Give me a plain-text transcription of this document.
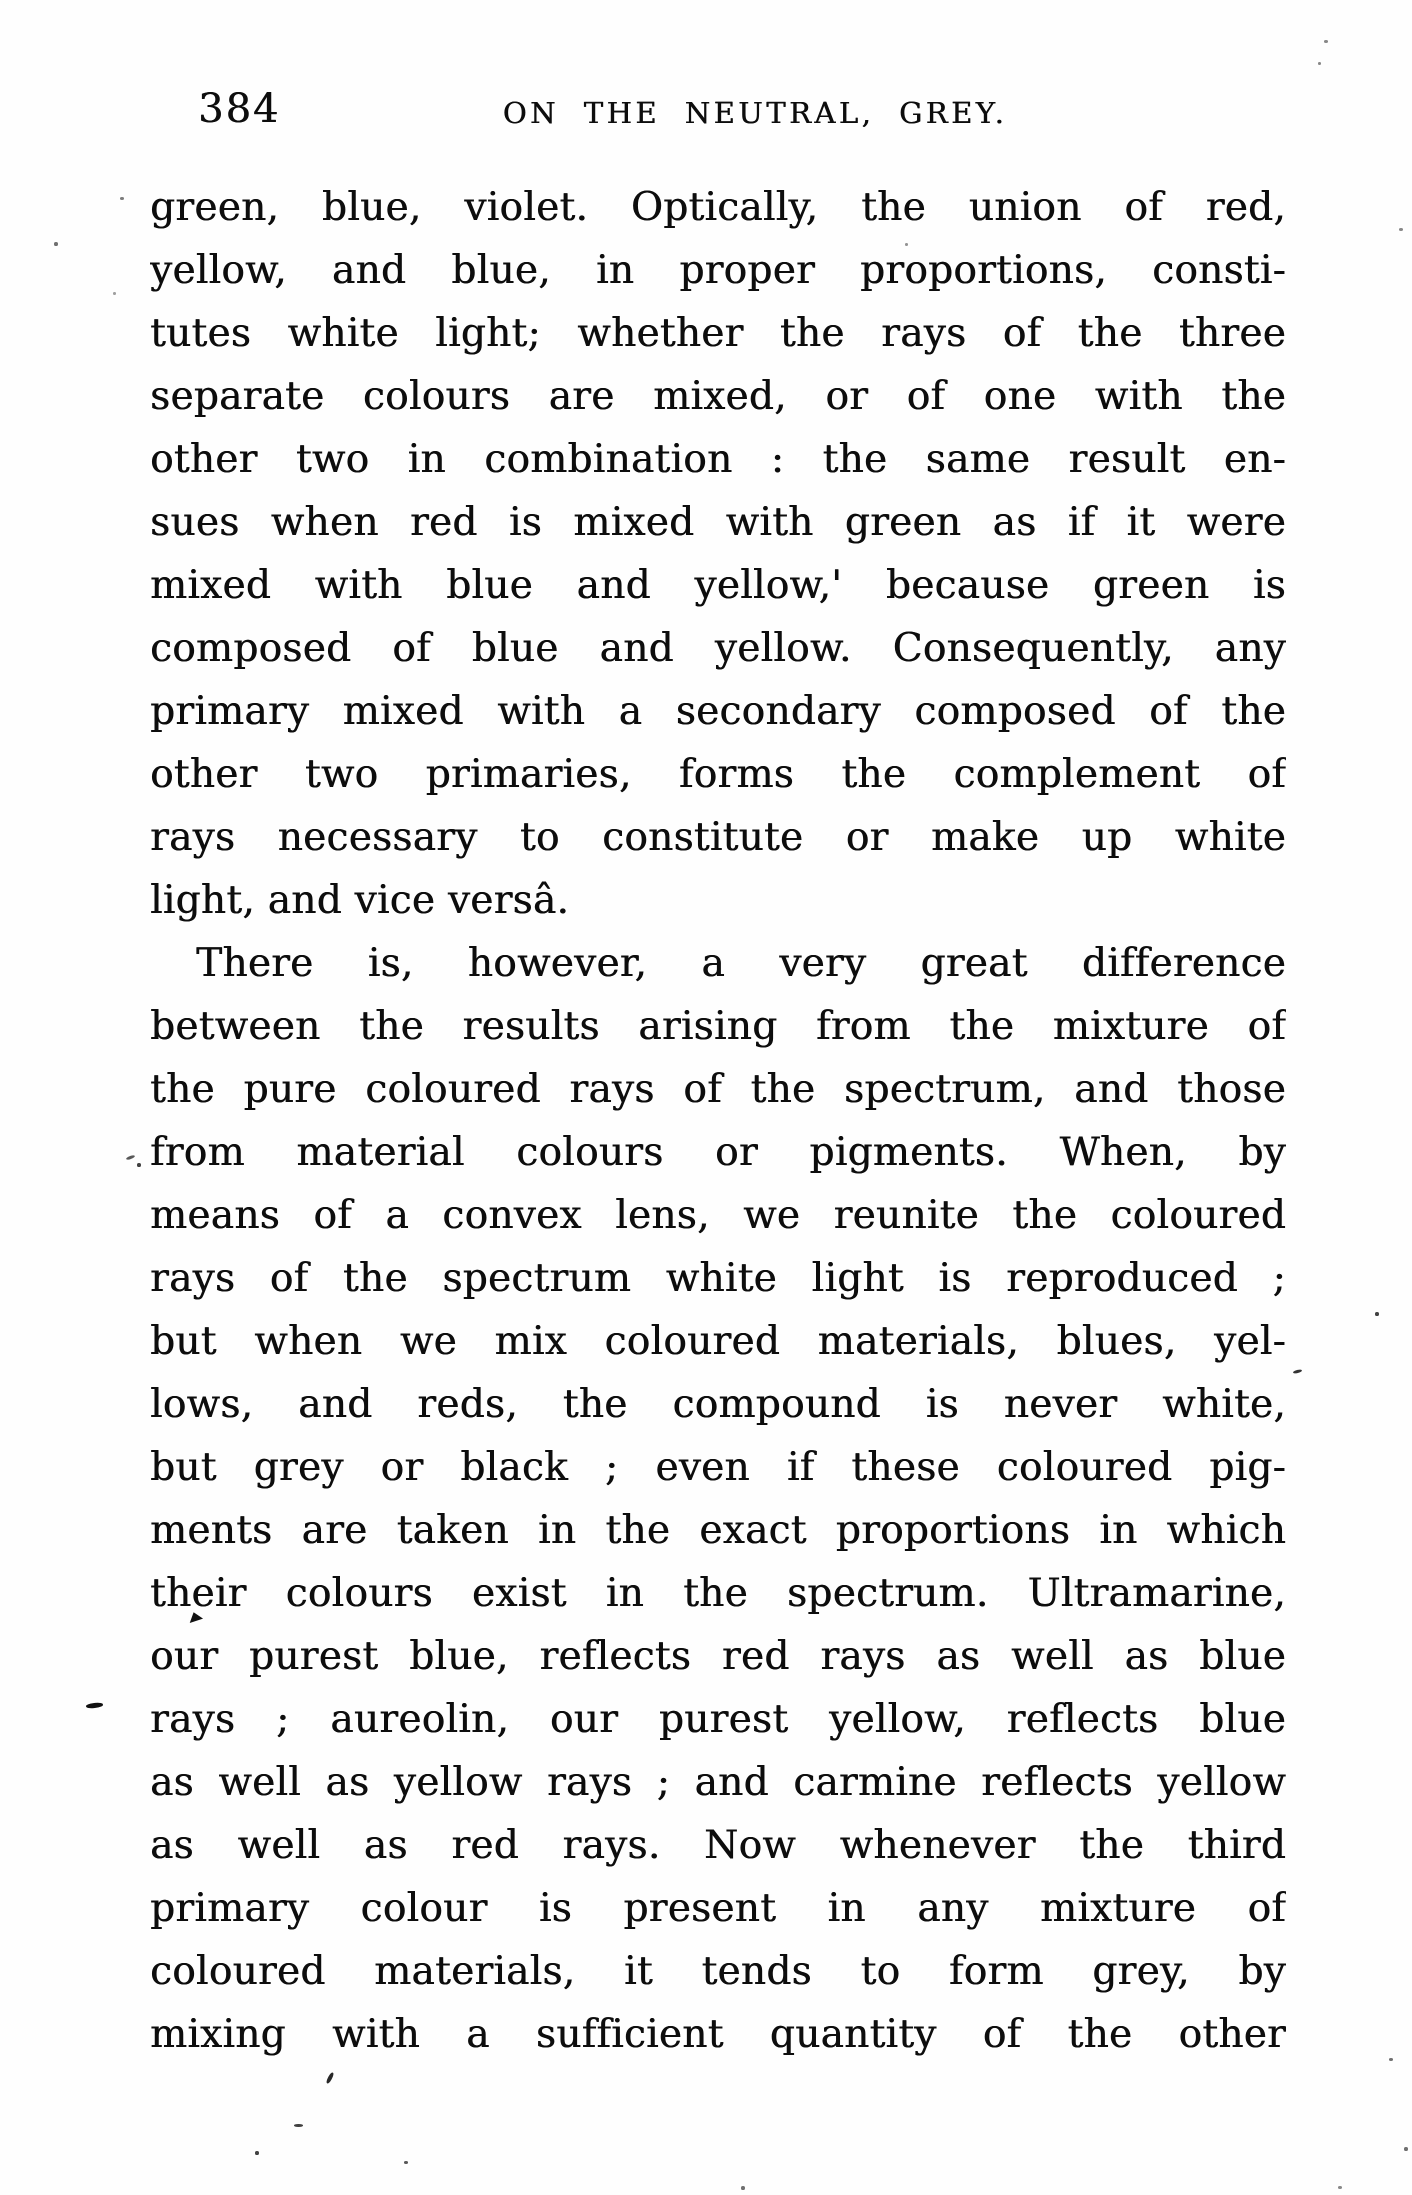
384	ON THE NEUTRAL, GREY.
green, blue, violet. Optically, the union of red,
yellow, and blue, in proper proportions, consti-
tutes white light; whether the rays of the three
separate colours are mixed, or of one with the
other two in combination : the same result en-
sues when red is mixed with green as if it were
mixed with blue and yellow,' because green is
composed of blue and yellow. Consequently, any
primary mixed with a secondary composed of the
other two primaries, forms the complement of
rays necessary to constitute or make up white
light, and vice versâ.
There is, however, a very great difference
between the results arising from the mixture of
the pure coloured rays of the spectrum, and those
from material colours or pigments. When, by
means of a convex lens, we reunite the coloured
rays of the spectrum white light is reproduced ;
but when we mix coloured materials, blues, yel-
lows, and reds, the compound is never white,
but grey or black ; even if these coloured pig-
ments are taken in the exact proportions in which
their colours exist in the spectrum. Ultramarine,
our purest blue, reflects red rays as well as blue
rays ; aureolin, our purest yellow, reflects blue
as well as yellow rays ; and carmine reflects yellow
as well as red rays. Now whenever the third
primary colour is present in any mixture of
coloured materials, it tends to form grey, by
mixing with a sufficient quantity of the other
